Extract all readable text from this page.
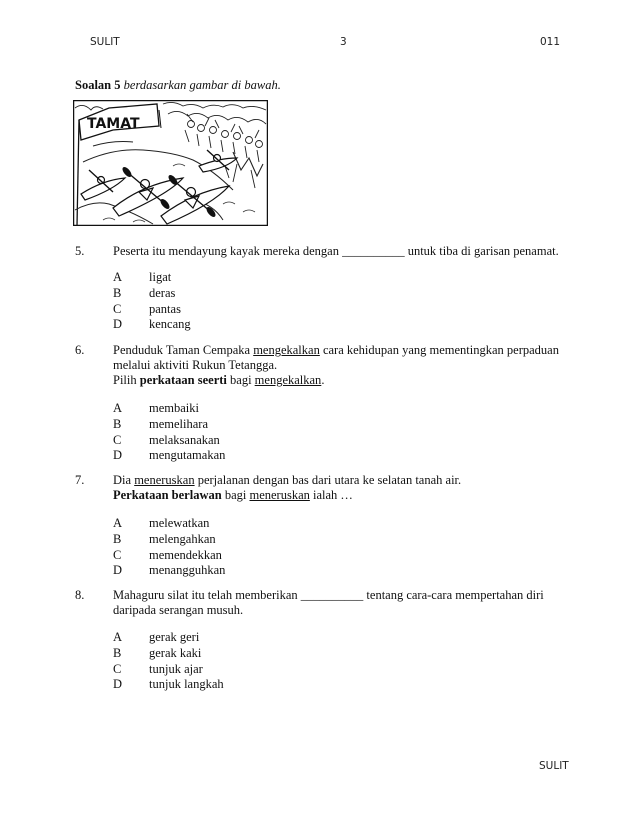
SULIT	3	011
Soalan 5 berdasarkan gambar di bawah.
TAMAT
5. Peserta itu mendayung kayak mereka dengan __________ untuk tiba di garisan penamat.
A ligat
B deras
C pantas
D kencang
6. Penduduk Taman Cempaka mengekalkan cara kehidupan yang mementingkan perpaduan
melalui aktiviti Rukun Tetangga.
Pilih perkataan seerti bagi mengekalkan.
A membaiki
B memelihara
C melaksanakan
D mengutamakan
7. Dia meneruskan perjalanan dengan bas dari utara ke selatan tanah air.
Perkataan berlawan bagi meneruskan ialah …
A melewatkan
B melengahkan
C memendekkan
D menangguhkan
8. Mahaguru silat itu telah memberikan __________ tentang cara-cara mempertahan diri
daripada serangan musuh.
A gerak geri
B gerak kaki
C tunjuk ajar
D tunjuk langkah
SULIT
